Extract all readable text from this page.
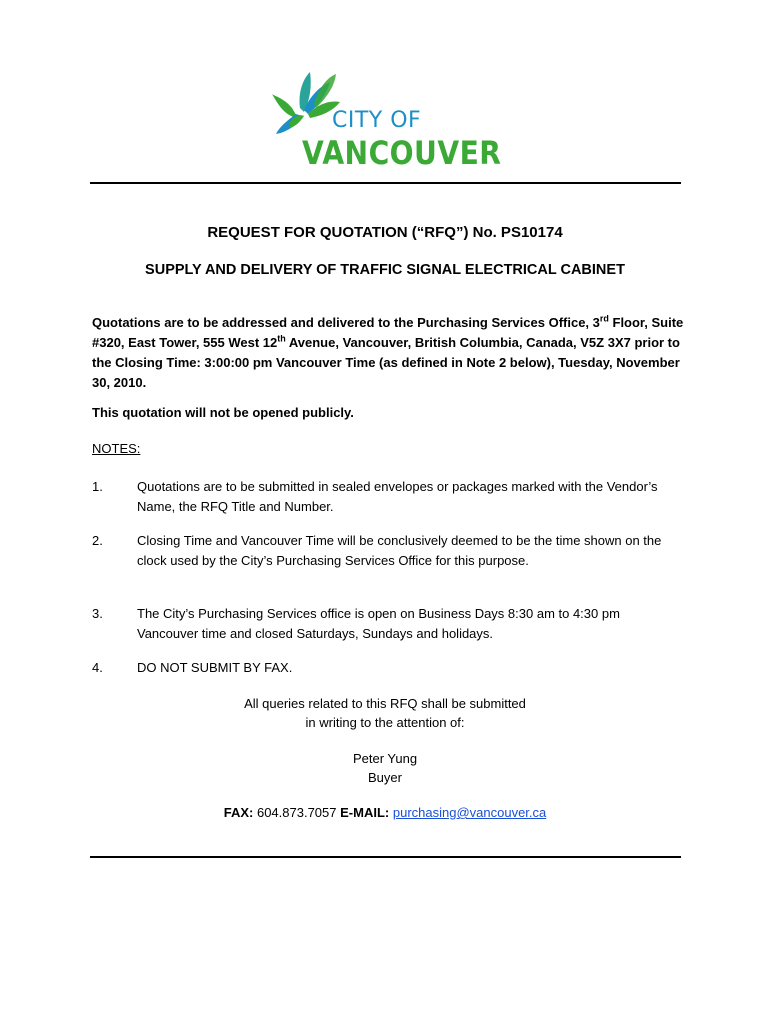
CITY OF
VANCOUVER
REQUEST FOR QUOTATION (“RFQ”) No. PS10174
SUPPLY AND DELIVERY OF TRAFFIC SIGNAL ELECTRICAL CABINET
Quotations are to be addressed and delivered to the Purchasing Services Office, 3rd Floor, Suite #320, East Tower, 555 West 12th Avenue, Vancouver, British Columbia, Canada, V5Z 3X7 prior to the Closing Time: 3:00:00 pm Vancouver Time (as defined in Note 2 below), Tuesday, November 30, 2010.
This quotation will not be opened publicly.
NOTES:
1.	Quotations are to be submitted in sealed envelopes or packages marked with the Vendor’s Name, the RFQ Title and Number.
2.	Closing Time and Vancouver Time will be conclusively deemed to be the time shown on the clock used by the City’s Purchasing Services Office for this purpose.
3.	The City’s Purchasing Services office is open on Business Days 8:30 am to 4:30 pm Vancouver time and closed Saturdays, Sundays and holidays.
4.	DO NOT SUBMIT BY FAX.
All queries related to this RFQ shall be submitted
in writing to the attention of:
Peter Yung
Buyer
FAX: 604.873.7057 E-MAIL: purchasing@vancouver.ca
